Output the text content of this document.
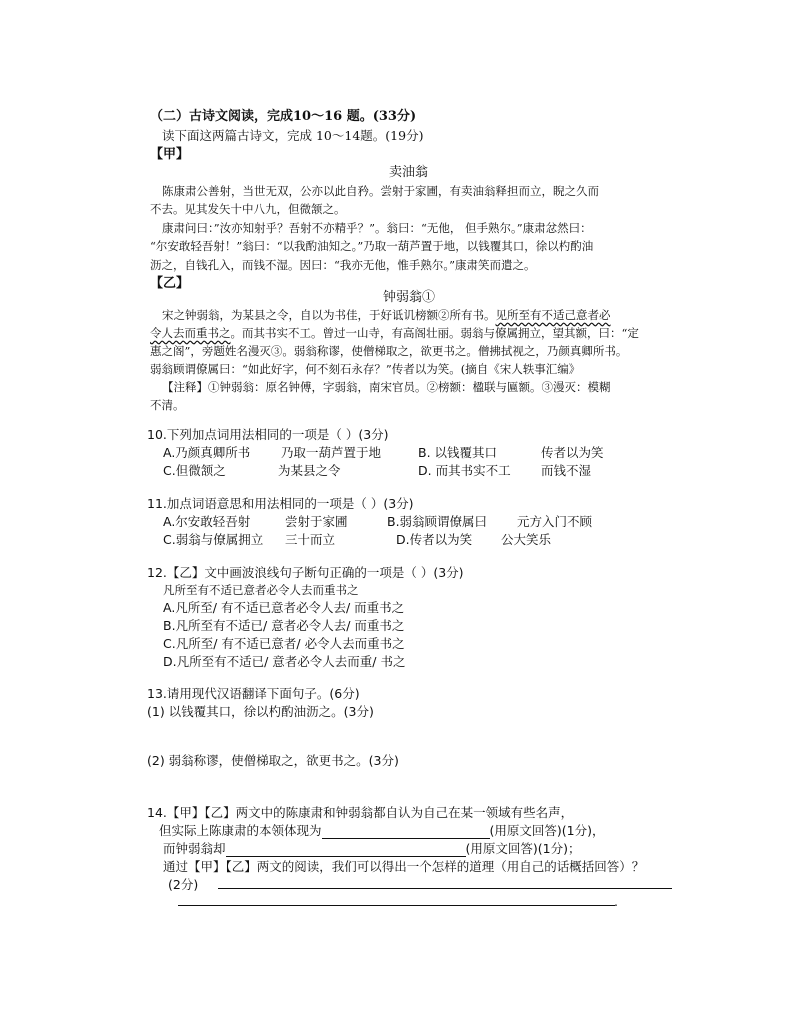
（二）古诗文阅读，完成10～16 题。(33分)
读下面这两篇古诗文，完成 10～14题。(19分)
【甲】
卖油翁
陈康肃公善射，当世无双，公亦以此自矜。尝射于家圃，有卖油翁释担而立，睨之久而
不去。见其发矢十中八九，但微颔之。
康肃问曰：”汝亦知射乎？吾射不亦精乎？”。翁曰：“无他， 但手熟尔。”康肃忿然曰：
“尔安敢轻吾射！”翁曰：“以我酌油知之。”乃取一葫芦置于地，以钱覆其口，徐以杓酌油
沥之，自钱孔入，而钱不湿。因曰：“我亦无他，惟手熟尔。”康肃笑而遣之。
【乙】
钟弱翁①
宋之钟弱翁，为某县之令，自以为书佳，于好诋讥榜额②所有书。见所至有不适己意者必
令人去而重书之。而其书实不工。曾过一山寺，有高阁壮丽。弱翁与僚属拥立，望其额，曰：“定
惠之阁”，旁题姓名漫灭③。弱翁称谬，使僧梯取之，欲更书之。僧拂拭视之，乃颜真卿所书。
弱翁顾谓僚属曰：“如此好字，何不刻石永存？”传者以为笑。(摘自《宋人轶事汇编》
【注释】①钟弱翁：原名钟傅，字弱翁，南宋官员。②榜额：楹联与匾额。③漫灭：模糊
不清。
10.下列加点词用法相同的一项是（ ）(3分)
A.乃颜真卿所书 乃取一葫芦置于地	B. 以钱覆其口	传者以为笑
C.但微颔之	为某县之令	D. 而其书实不工 而钱不湿
11.加点词语意思和用法相同的一项是（ ）(3分)
A.尔安敢轻吾射	尝射于家圃	B.弱翁顾谓僚属曰 元方入门不顾
C.弱翁与僚属拥立 三十而立	D.传者以为笑 公大笑乐
12.【乙】文中画波浪线句子断句正确的一项是（ ）(3分)
凡所至有不适已意者必令人去而重书之
A.凡所至/ 有不适已意者必令人去/ 而重书之
B.凡所至有不适已/ 意者必令人去/ 而重书之
C.凡所至/ 有不适已意者/ 必令人去而重书之
D.凡所至有不适已/ 意者必令人去而重/ 书之
13.请用现代汉语翻译下面句子。(6分)
(1) 以钱覆其口，徐以杓酌油沥之。(3分)
(2) 弱翁称谬，使僧梯取之，欲更书之。(3分)
14.【甲】【乙】两文中的陈康肃和钟弱翁都自认为自己在某一领域有些名声，
但实际上陈康肃的本领体现为	(用原文回答)(1分)，
而钟弱翁却	(用原文回答)(1分)；
通过【甲】【乙】两文的阅读，我们可以得出一个怎样的道理（用自己的话概括回答）？
(2分)
.
